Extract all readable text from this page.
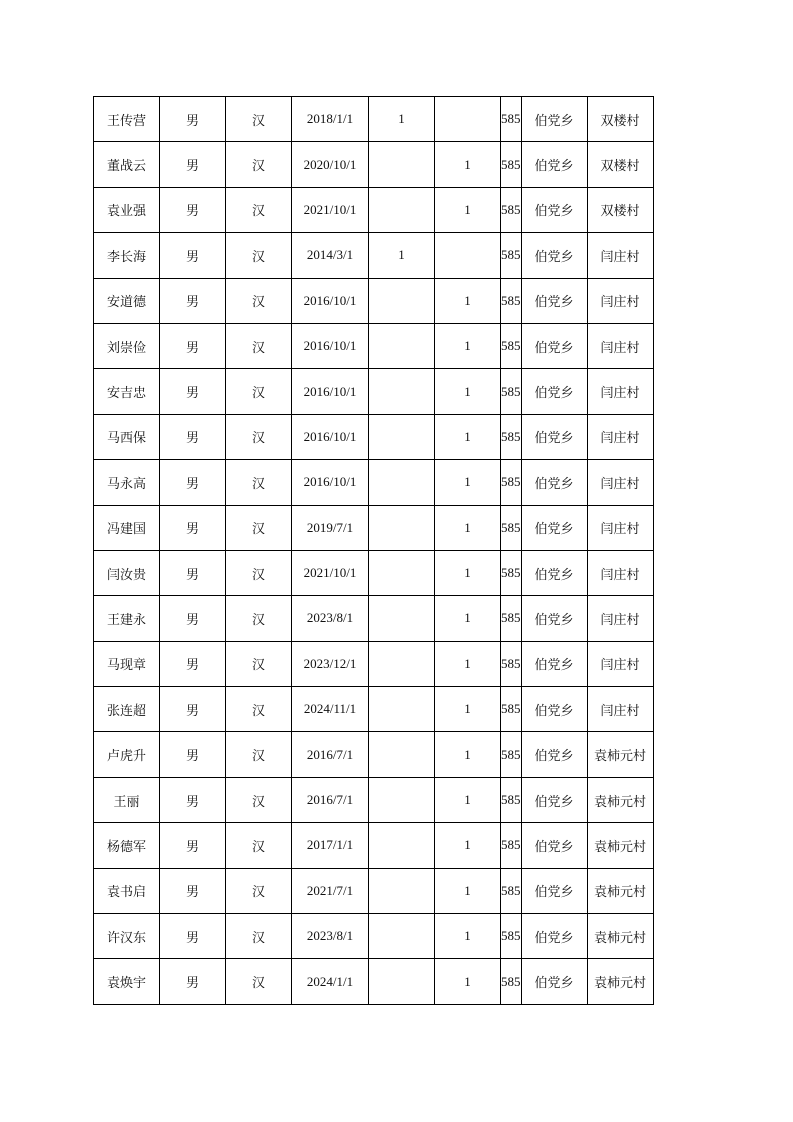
王传营	男	汉	2018/1/1	1		585	伯党乡	双楼村
董战云	男	汉	2020/10/1		1	585	伯党乡	双楼村
袁业强	男	汉	2021/10/1		1	585	伯党乡	双楼村
李长海	男	汉	2014/3/1	1		585	伯党乡	闫庄村
安道德	男	汉	2016/10/1		1	585	伯党乡	闫庄村
刘崇俭	男	汉	2016/10/1		1	585	伯党乡	闫庄村
安吉忠	男	汉	2016/10/1		1	585	伯党乡	闫庄村
马西保	男	汉	2016/10/1		1	585	伯党乡	闫庄村
马永高	男	汉	2016/10/1		1	585	伯党乡	闫庄村
冯建国	男	汉	2019/7/1		1	585	伯党乡	闫庄村
闫汝贵	男	汉	2021/10/1		1	585	伯党乡	闫庄村
王建永	男	汉	2023/8/1		1	585	伯党乡	闫庄村
马现章	男	汉	2023/12/1		1	585	伯党乡	闫庄村
张连超	男	汉	2024/11/1		1	585	伯党乡	闫庄村
卢虎升	男	汉	2016/7/1		1	585	伯党乡	袁柿元村
王丽	男	汉	2016/7/1		1	585	伯党乡	袁柿元村
杨德军	男	汉	2017/1/1		1	585	伯党乡	袁柿元村
袁书启	男	汉	2021/7/1		1	585	伯党乡	袁柿元村
许汉东	男	汉	2023/8/1		1	585	伯党乡	袁柿元村
袁焕宇	男	汉	2024/1/1		1	585	伯党乡	袁柿元村
